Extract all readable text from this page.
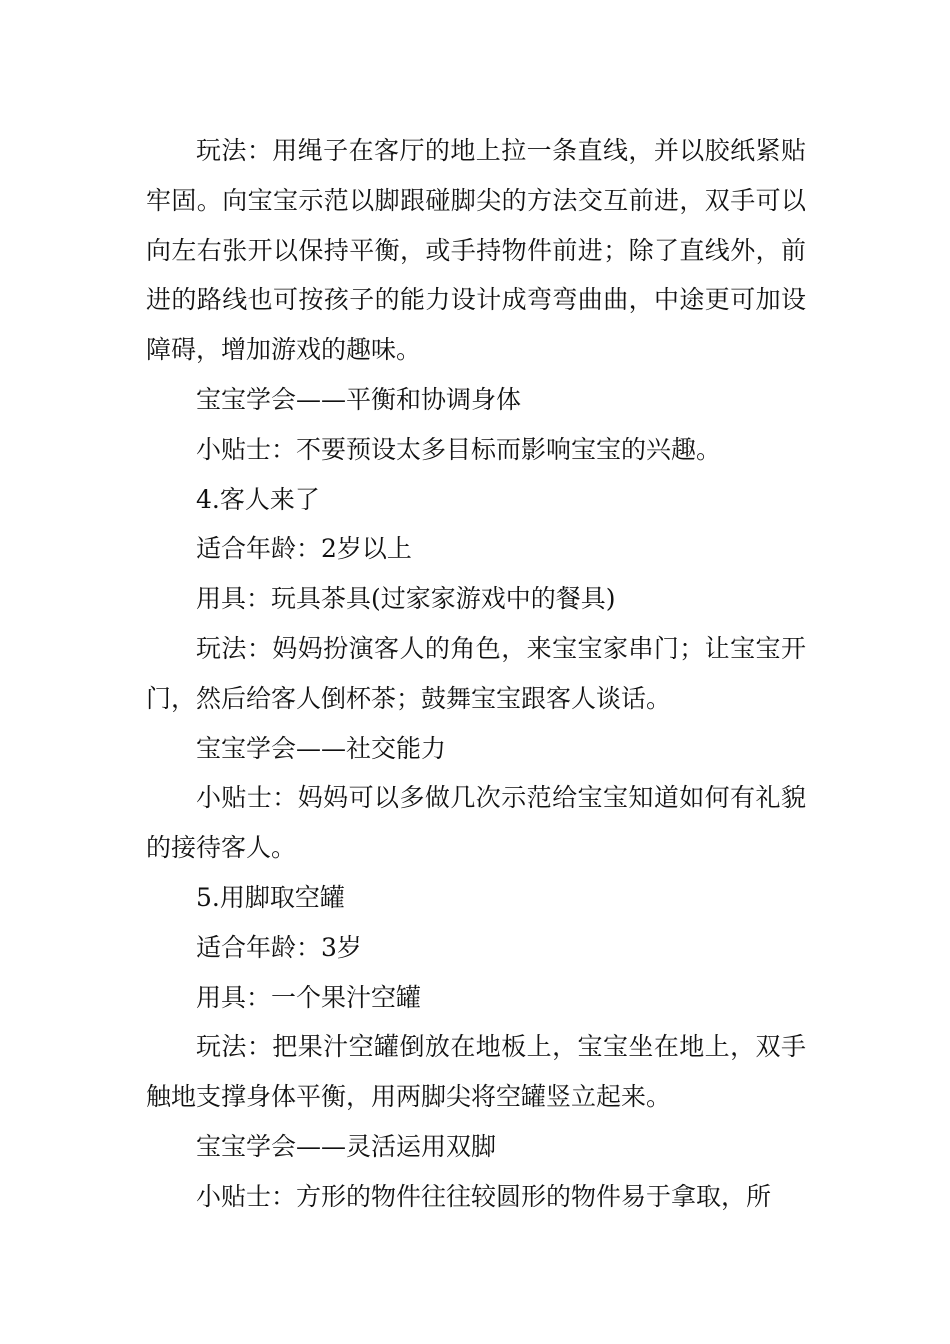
玩法：用绳子在客厅的地上拉一条直线，并以胶纸紧贴牢固。向宝宝示范以脚跟碰脚尖的方法交互前进，双手可以向左右张开以保持平衡，或手持物件前进；除了直线外，前进的路线也可按孩子的能力设计成弯弯曲曲，中途更可加设障碍，增加游戏的趣味。

宝宝学会——平衡和协调身体

小贴士：不要预设太多目标而影响宝宝的兴趣。

4.客人来了

适合年龄：2岁以上

用具：玩具茶具(过家家游戏中的餐具)

玩法：妈妈扮演客人的角色，来宝宝家串门；让宝宝开门，然后给客人倒杯茶；鼓舞宝宝跟客人谈话。

宝宝学会——社交能力

小贴士：妈妈可以多做几次示范给宝宝知道如何有礼貌的接待客人。

5.用脚取空罐

适合年龄：3岁

用具：一个果汁空罐

玩法：把果汁空罐倒放在地板上，宝宝坐在地上，双手触地支撑身体平衡，用两脚尖将空罐竖立起来。

宝宝学会——灵活运用双脚

小贴士：方形的物件往往较圆形的物件易于拿取，所
